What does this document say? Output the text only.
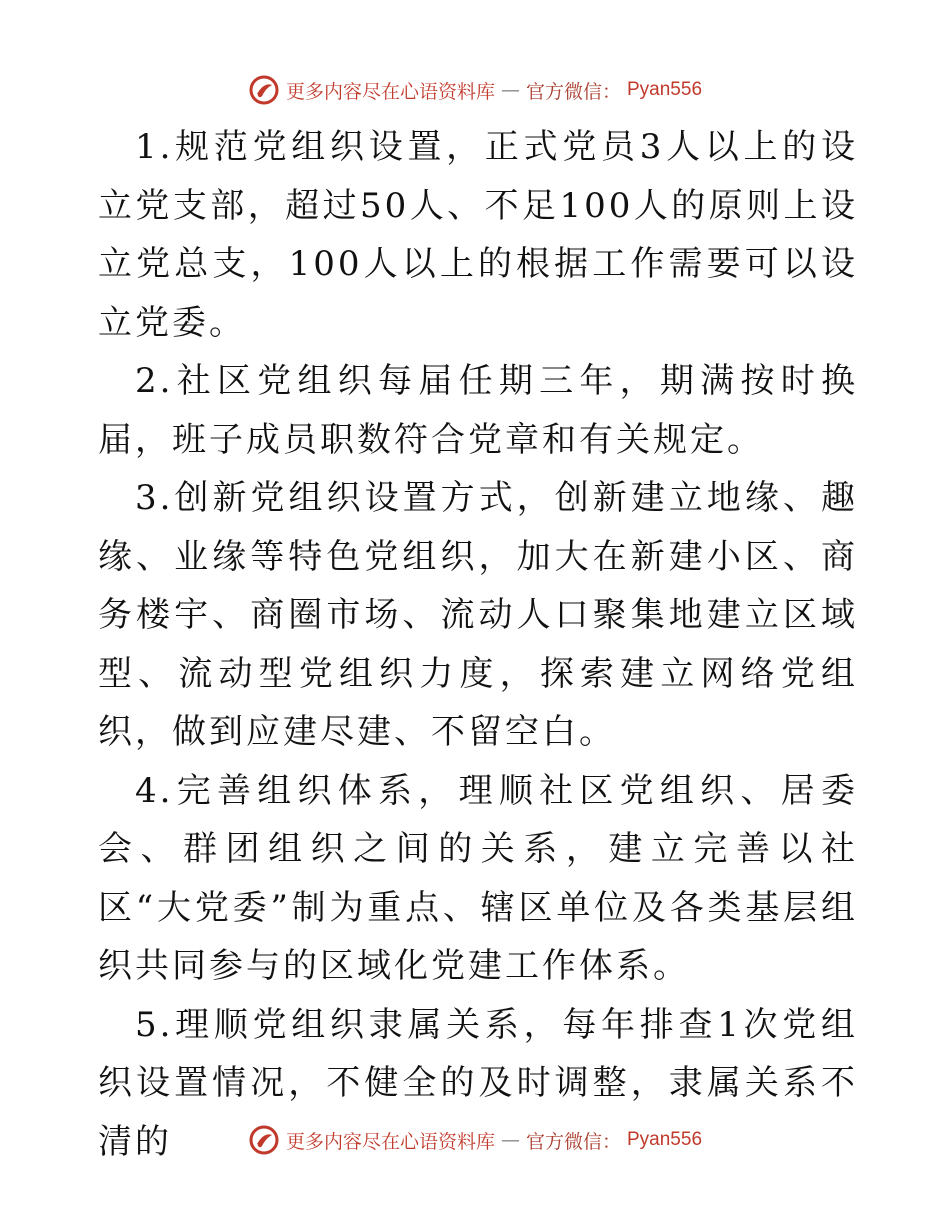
更多内容尽在心语资料库 — 官方微信： Pyan556

1.规范党组织设置，正式党员3人以上的设立党支部，超过50人、不足100人的原则上设立党总支，100人以上的根据工作需要可以设立党委。

2.社区党组织每届任期三年，期满按时换届，班子成员职数符合党章和有关规定。

3.创新党组织设置方式，创新建立地缘、趣缘、业缘等特色党组织，加大在新建小区、商务楼宇、商圈市场、流动人口聚集地建立区域型、流动型党组织力度，探索建立网络党组织，做到应建尽建、不留空白。

4.完善组织体系，理顺社区党组织、居委会、群团组织之间的关系，建立完善以社区“大党委”制为重点、辖区单位及各类基层组织共同参与的区域化党建工作体系。

5.理顺党组织隶属关系，每年排查1次党组织设置情况，不健全的及时调整，隶属关系不清的	更多内容尽在心语资料库 — 官方微信： Pyan556
